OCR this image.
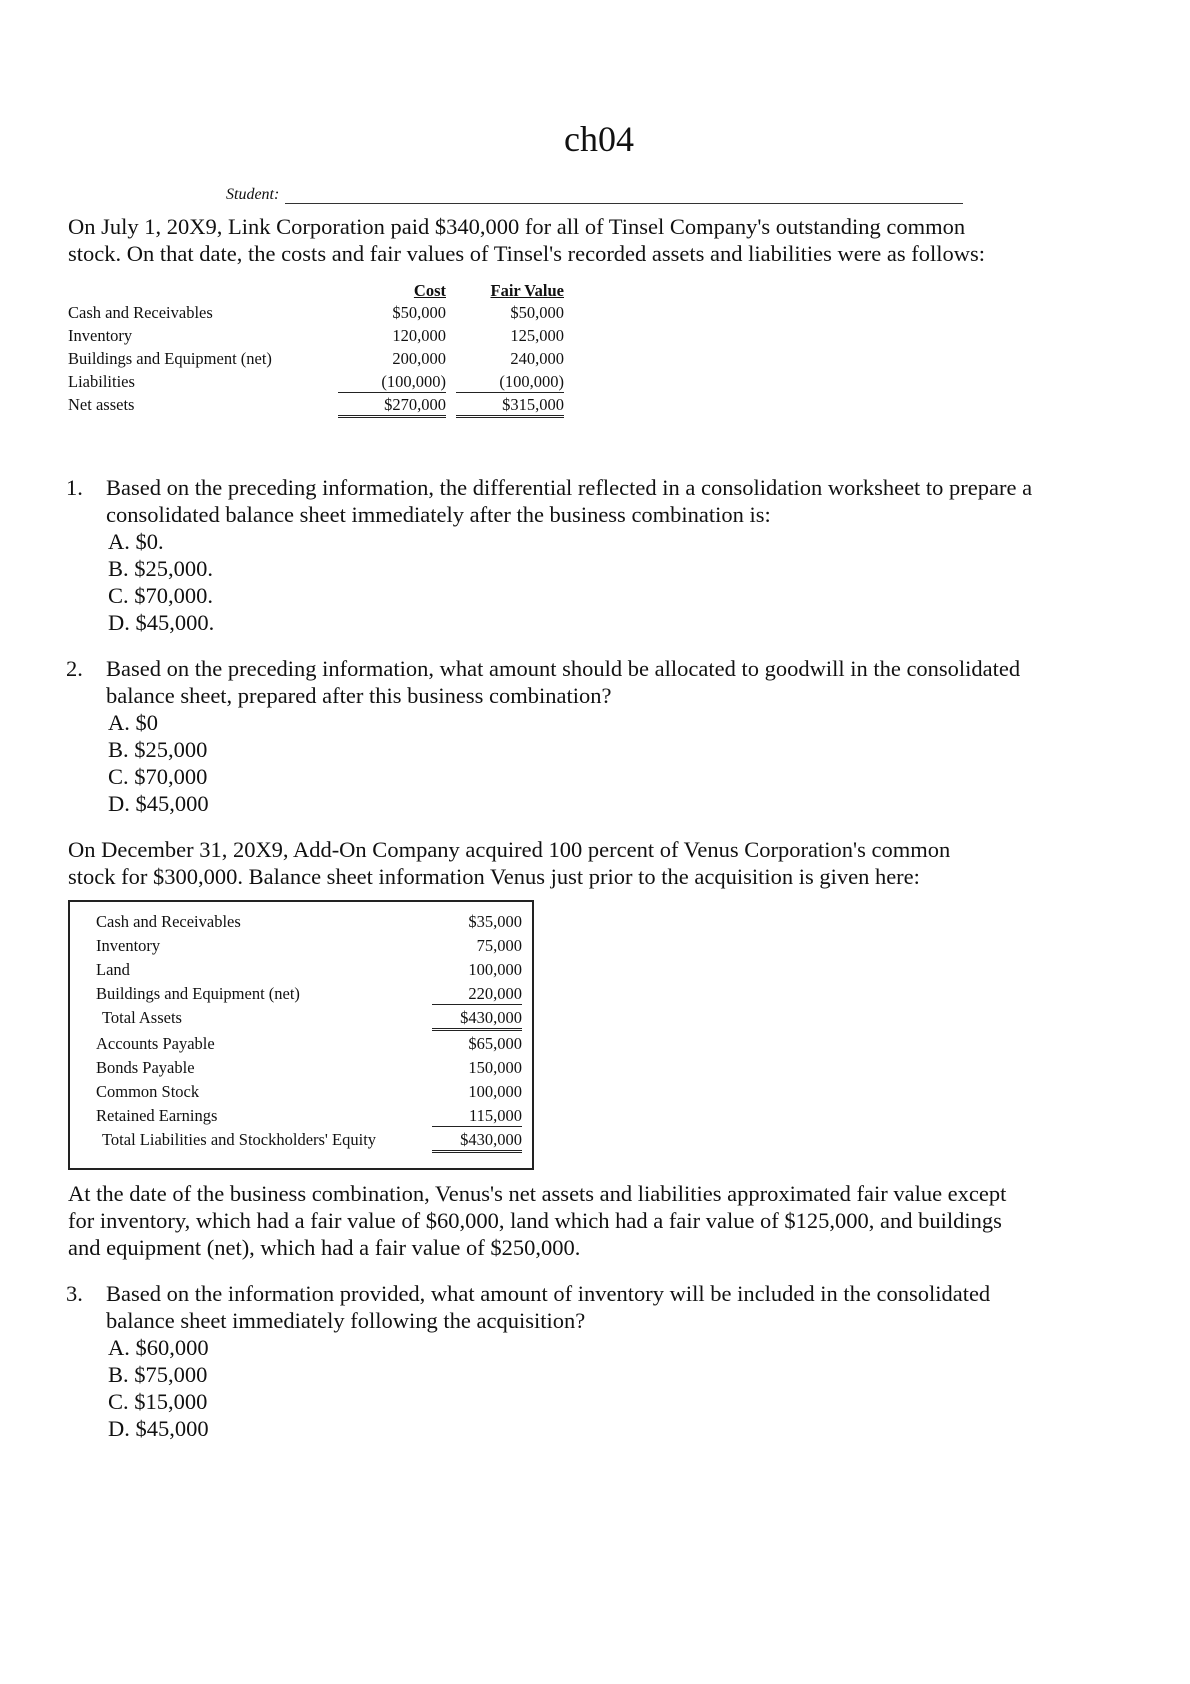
ch04
Student:
On July 1, 20X9, Link Corporation paid $340,000 for all of Tinsel Company's outstanding common
stock. On that date, the costs and fair values of Tinsel's recorded assets and liabilities were as follows:
Cost	Fair Value
Cash and Receivables	$50,000	$50,000
Inventory	120,000	125,000
Buildings and Equipment (net)	200,000	240,000
Liabilities	(100,000)	(100,000)
Net assets	$270,000	$315,000
1. Based on the preceding information, the differential reflected in a consolidation worksheet to prepare a
consolidated balance sheet immediately after the business combination is:
A. $0.
B. $25,000.
C. $70,000.
D. $45,000.
2. Based on the preceding information, what amount should be allocated to goodwill in the consolidated
balance sheet, prepared after this business combination?
A. $0
B. $25,000
C. $70,000
D. $45,000
On December 31, 20X9, Add-On Company acquired 100 percent of Venus Corporation's common
stock for $300,000. Balance sheet information Venus just prior to the acquisition is given here:
Cash and Receivables	$35,000
Inventory	75,000
Land	100,000
Buildings and Equipment (net)	220,000
Total Assets	$430,000
Accounts Payable	$65,000
Bonds Payable	150,000
Common Stock	100,000
Retained Earnings	115,000
Total Liabilities and Stockholders' Equity	$430,000
At the date of the business combination, Venus's net assets and liabilities approximated fair value except
for inventory, which had a fair value of $60,000, land which had a fair value of $125,000, and buildings
and equipment (net), which had a fair value of $250,000.
3. Based on the information provided, what amount of inventory will be included in the consolidated
balance sheet immediately following the acquisition?
A. $60,000
B. $75,000
C. $15,000
D. $45,000
